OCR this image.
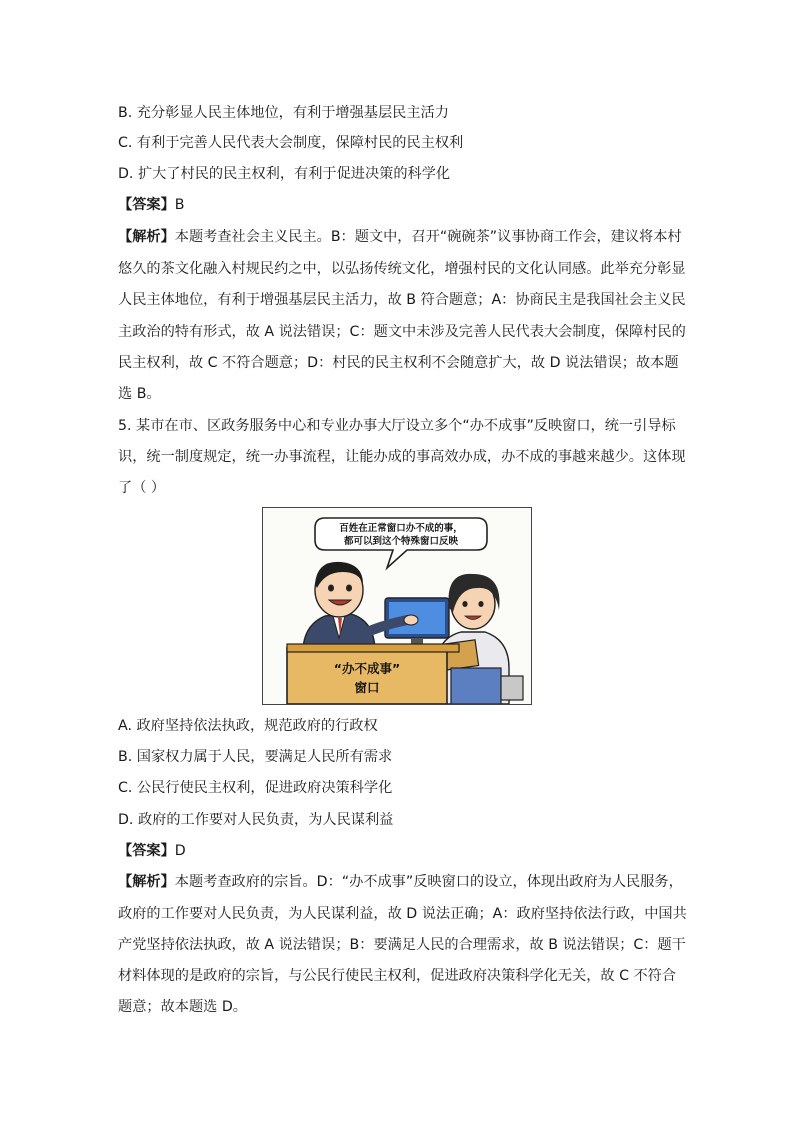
B. 充分彰显人民主体地位，有利于增强基层民主活力
C. 有利于完善人民代表大会制度，保障村民的民主权利
D. 扩大了村民的民主权利，有利于促进决策的科学化
【答案】B
【解析】本题考查社会主义民主。B：题文中，召开“碗碗茶”议事协商工作会，建议将本村
悠久的茶文化融入村规民约之中，以弘扬传统文化，增强村民的文化认同感。此举充分彰显
人民主体地位，有利于增强基层民主活力，故 B 符合题意；A：协商民主是我国社会主义民
主政治的特有形式，故 A 说法错误；C：题文中未涉及完善人民代表大会制度，保障村民的
民主权利，故 C 不符合题意；D：村民的民主权利不会随意扩大，故 D 说法错误；故本题
选 B。
5. 某市在市、区政务服务中心和专业办事大厅设立多个“办不成事”反映窗口，统一引导标
识，统一制度规定，统一办事流程，让能办成的事高效办成，办不成的事越来越少。这体现
了（ ）
百姓在正常窗口办不成的事，
都可以到这个特殊窗口反映
“办不成事”
窗口
A. 政府坚持依法执政，规范政府的行政权
B. 国家权力属于人民，要满足人民所有需求
C. 公民行使民主权利，促进政府决策科学化
D. 政府的工作要对人民负责，为人民谋利益
【答案】D
【解析】本题考查政府的宗旨。D：“办不成事”反映窗口的设立，体现出政府为人民服务，
政府的工作要对人民负责，为人民谋利益，故 D 说法正确；A：政府坚持依法行政，中国共
产党坚持依法执政，故 A 说法错误；B：要满足人民的合理需求，故 B 说法错误；C：题干
材料体现的是政府的宗旨，与公民行使民主权利，促进政府决策科学化无关，故 C 不符合
题意；故本题选 D。
